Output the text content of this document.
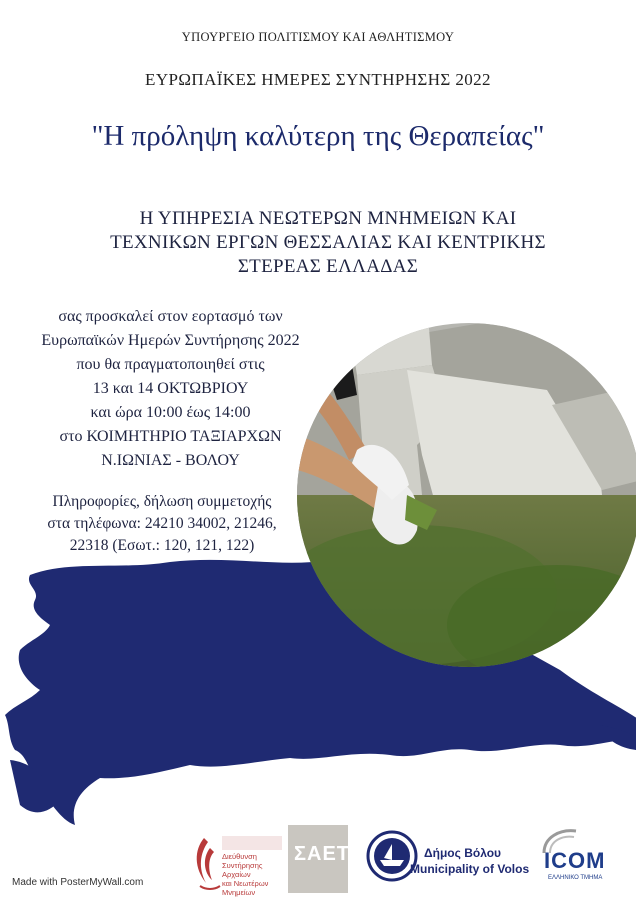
ΥΠΟΥΡΓΕΙΟ ΠΟΛΙΤΙΣΜΟΥ ΚΑΙ ΑΘΛΗΤΙΣΜΟΥ
ΕΥΡΩΠΑΪΚΕΣ ΗΜΕΡΕΣ ΣΥΝΤΗΡΗΣΗΣ 2022
"Η πρόληψη καλύτερη της Θεραπείας"
Η ΥΠΗΡΕΣΙΑ ΝΕΩΤΕΡΩΝ ΜΝΗΜΕΙΩΝ ΚΑΙ
ΤΕΧΝΙΚΩΝ ΕΡΓΩΝ ΘΕΣΣΑΛΙΑΣ ΚΑΙ ΚΕΝΤΡΙΚΗΣ
ΣΤΕΡΕΑΣ ΕΛΛΑΔΑΣ
σας προσκαλεί στον εορτασμό των
Ευρωπαϊκών Ημερών Συντήρησης 2022
που θα πραγματοποιηθεί στις
13 και 14 ΟΚΤΩΒΡΙΟΥ
και ώρα 10:00 έως 14:00
στο ΚΟΙΜΗΤΗΡΙΟ ΤΑΞΙΑΡΧΩΝ
Ν.ΙΩΝΙΑΣ - ΒΟΛΟΥ
Πληροφορίες, δήλωση συμμετοχής
στα τηλέφωνα: 24210 34002, 21246,
22318 (Εσωτ.: 120, 121, 122)
Διεύθυνση
Συντήρησης
Αρχαίων
και Νεωτέρων
Μνημείων
ΣΑΕΤ	Δήμος Βόλου
Municipality of Volos ICOM
ΕΛΛΗΝΙΚΟ ΤΜΗΜΑ
Made with PosterMyWall.com
